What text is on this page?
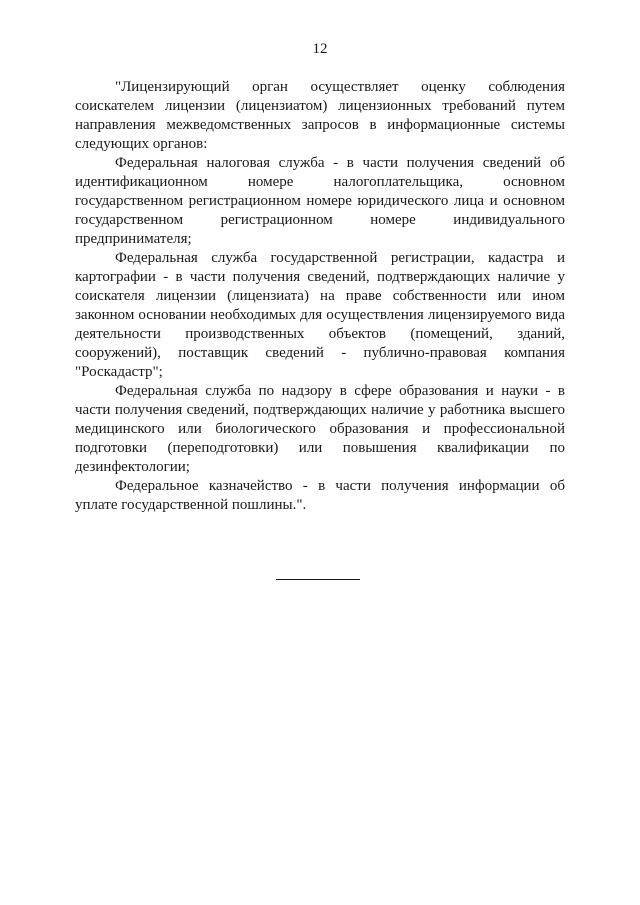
12

"Лицензирующий орган осуществляет оценку соблюдения соискателем лицензии (лицензиатом) лицензионных требований путем направления межведомственных запросов в информационные системы следующих органов:

Федеральная налоговая служба - в части получения сведений об идентификационном номере налогоплательщика, основном государственном регистрационном номере юридического лица и основном государственном регистрационном номере индивидуального предпринимателя;

Федеральная служба государственной регистрации, кадастра и картографии - в части получения сведений, подтверждающих наличие у соискателя лицензии (лицензиата) на праве собственности или ином законном основании необходимых для осуществления лицензируемого вида деятельности производственных объектов (помещений, зданий, сооружений), поставщик сведений - публично-правовая компания "Роскадастр";

Федеральная служба по надзору в сфере образования и науки - в части получения сведений, подтверждающих наличие у работника высшего медицинского или биологического образования и профессиональной подготовки (переподготовки) или повышения квалификации по дезинфектологии;

Федеральное казначейство - в части получения информации об уплате государственной пошлины.".
